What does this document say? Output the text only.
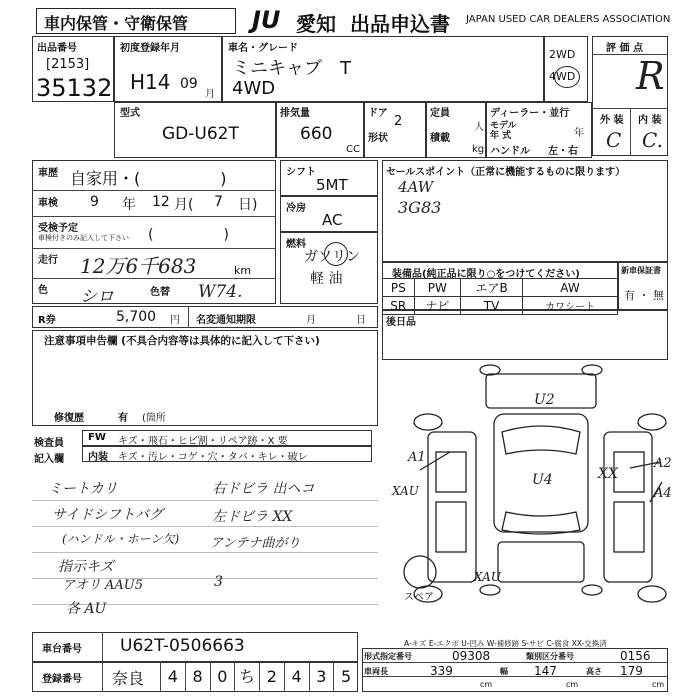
車内保管・守衛保管	JU 愛知 出品申込書 JAPAN USED CAR DEALERS ASSOCIATION
出品番号
[2153]
35132
初度登録年月
H14 09
月
車名・グレード
ミニキャブ　T
4WD
2WD
4WD
評 価 点
R
外 装 内 装
C C.
型式
GD-U62T
排気量
660
CC
ドア
2
形状
定員
人
積載
kg
ディーラー・並行
モデル
年 式	年
ハンドル 左・右
車歴 自家用・(　　　　　)
車検 9 年 12 月( 7 日)
受検予定
車検付きのみ記入して下さい (　　　　　)
走行 12万6千683	km
色 シロ	色替 W74.
シフト
5MT
冷房
AC
燃料
ガソリン
軽 油
セールスポイント（正常に機能するものに限ります）
4AW
3G83
装備品(純正品に限り○をつけてください)
PS	PW	エアB	AW
SR	ナビ	TV	カワシート
新車保証書
有 ・ 無
R券	5,700 円 名変通知期限	月	日 後日品
注意事項申告欄 (不具合内容等は具体的に記入して下さい)
修復歴	有 (箇所
検査員
記入欄
FW キズ・飛石・ヒビ割・リペア跡・X 要
内装 キズ・汚レ・コゲ・穴・タバ・キレ・破レ
ミートカリ
サイドシフトバグ
(ハンドル・ホーン欠)
指示キズ
アオリ AAU5
各 AU
右ドビラ 出ヘコ
左ドビラ XX
アンテナ曲がり
3
U2
U4	XX
A1	A2
A4
XAU
XAU
スペア
A-キズ E-エクボ U-凹み W-補修跡 S-サビ C-腐食 XX-交換済
車台番号 U62T-0506663
登録番号 奈良	4 8 0 ち 2 4 3 5
形式指定番号	09308	類別区分番号	0156
車両長	339
cm
幅 147
cm
高さ 179
cm
